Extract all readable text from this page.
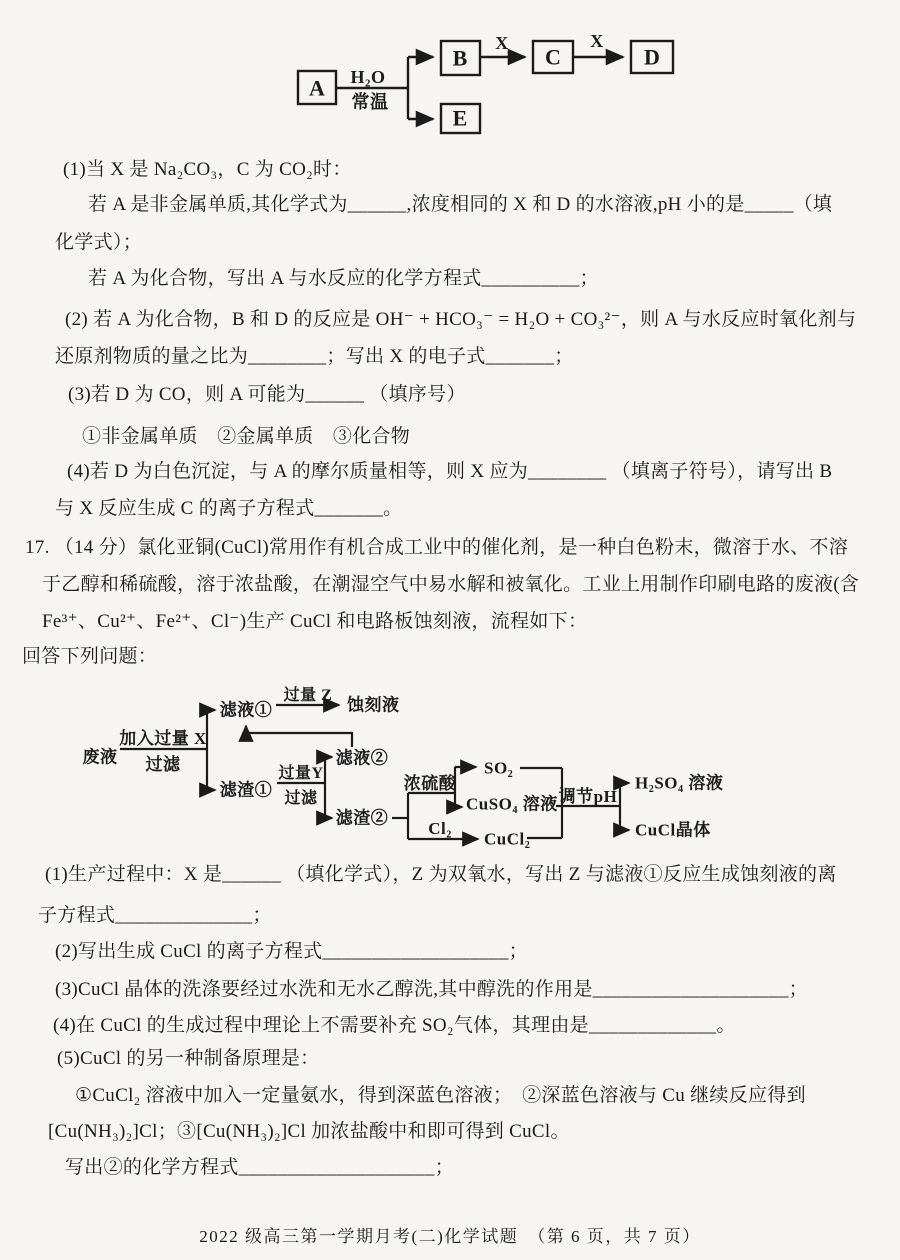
A
B	C	D
E
H₂O
常温
X	X
废液
加入过量 X
过滤
滤液①
过量 Z 蚀刻液
滤渣①
过量Y
过滤
滤液②
滤渣②
浓硫酸
SO₂
CuSO₄ 溶液
Cl₂
CuCl₂
调节pH
H₂SO₄ 溶液
CuCl晶体
(1)当 X 是 Na₂CO₃，C 为 CO₂时：
若 A 是非金属单质,其化学式为______,浓度相同的 X 和 D 的水溶液,pH 小的是_____（填
化学式）；
若 A 为化合物，写出 A 与水反应的化学方程式__________；
(2) 若 A 为化合物，B 和 D 的反应是 OH⁻ + HCO₃⁻ = H₂O + CO₃²⁻，则 A 与水反应时氧化剂与
还原剂物质的量之比为________；写出 X 的电子式_______；
(3)若 D 为 CO，则 A 可能为______ （填序号）
①非金属单质　②金属单质　③化合物
(4)若 D 为白色沉淀，与 A 的摩尔质量相等，则 X 应为________ （填离子符号），请写出 B
与 X 反应生成 C 的离子方程式_______。
17. （14 分）氯化亚铜(CuCl)常用作有机合成工业中的催化剂，是一种白色粉末，微溶于水、不溶
于乙醇和稀硫酸，溶于浓盐酸，在潮湿空气中易水解和被氧化。工业上用制作印刷电路的废液(含
Fe³⁺、Cu²⁺、Fe²⁺、Cl⁻)生产 CuCl 和电路板蚀刻液，流程如下：
回答下列问题：
(1)生产过程中：X 是______ （填化学式），Z 为双氧水，写出 Z 与滤液①反应生成蚀刻液的离
子方程式______________；
(2)写出生成 CuCl 的离子方程式___________________；
(3)CuCl 晶体的洗涤要经过水洗和无水乙醇洗,其中醇洗的作用是____________________；
(4)在 CuCl 的生成过程中理论上不需要补充 SO₂气体，其理由是_____________。
(5)CuCl 的另一种制备原理是：
①CuCl₂ 溶液中加入一定量氨水，得到深蓝色溶液；　②深蓝色溶液与 Cu 继续反应得到
[Cu(NH₃)₂]Cl；③[Cu(NH₃)₂]Cl 加浓盐酸中和即可得到 CuCl。
写出②的化学方程式____________________；
2022 级高三第一学期月考(二)化学试题　（第 6 页，共 7 页）
